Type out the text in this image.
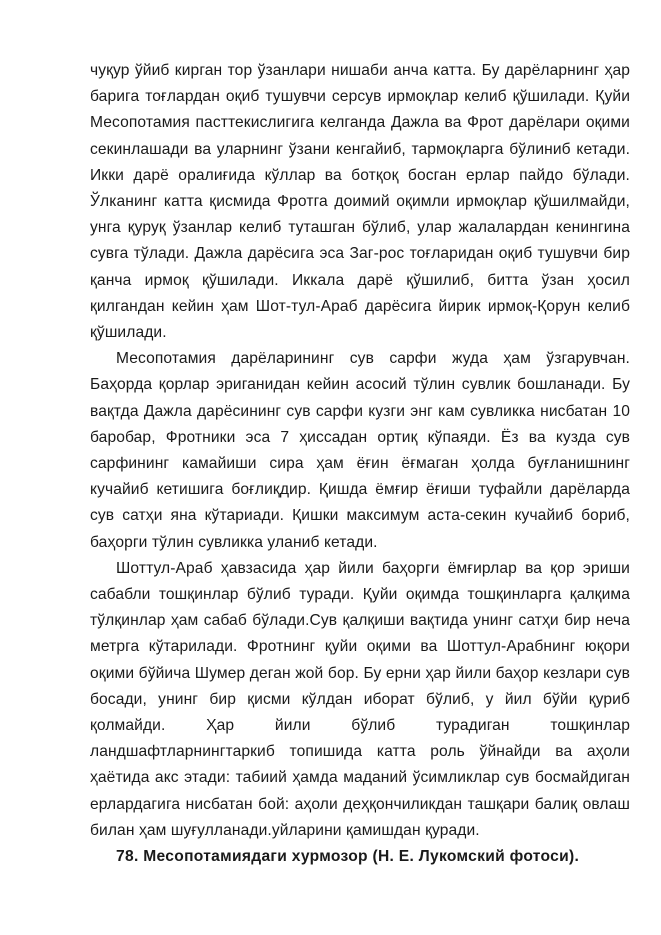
чуқур ўйиб кирган тор ўзанлари нишаби анча катта. Бу дарёларнинг ҳар барига тоғлардан оқиб тушувчи серсув ирмоқлар келиб қўшилади. Қуйи Месопотамия пасттекислигига келганда Дажла ва Фрот дарёлари оқими секинлашади ва уларнинг ўзани кенгайиб, тармоқларга бўлиниб кетади. Икки дарё оралиғида кўллар ва ботқоқ босган ерлар пайдо бўлади. Ўлканинг катта қисмида Фротга доимий оқимли ирмоқлар қўшилмайди, унга қуруқ ўзанлар келиб туташган бўлиб, улар жалалардан кенингина сувга тўлади. Дажла дарёсига эса Заг-рос тоғларидан оқиб тушувчи бир қанча ирмоқ қўшилади. Иккала дарё қўшилиб, битта ўзан ҳосил қилгандан кейин ҳам Шот-тул-Араб дарёсига йирик ирмоқ-Қорун келиб қўшилади.

Месопотамия дарёларининг сув сарфи жуда ҳам ўзгарувчан. Баҳорда қорлар эриганидан кейин асосий тўлин сувлик бошланади. Бу вақтда Дажла дарёсининг сув сарфи кузги энг кам сувликка нисбатан 10 баробар, Фротники эса 7 ҳиссадан ортиқ кўпаяди. Ёз ва кузда сув сарфининг камайиши сира ҳам ёғин ёғмаган ҳолда буғланишнинг кучайиб кетишига боғлиқдир. Қишда ёмғир ёғиши туфайли дарёларда сув сатҳи яна кўтариади. Қишки максимум аста-секин кучайиб бориб, баҳорги тўлин сувликка уланиб кетади.

Шоттул-Араб ҳавзасида ҳар йили баҳорги ёмғирлар ва қор эриши сабабли тошқинлар бўлиб туради. Қуйи оқимда тошқинларга қалқима тўлқинлар ҳам сабаб бўлади.Сув қалқиши вақтида унинг сатҳи бир неча метрга кўтарилади. Фротнинг қуйи оқими ва Шоттул-Арабнинг юқори оқими бўйича Шумер деган жой бор. Бу ерни ҳар йили баҳор кезлари сув босади, унинг бир қисми кўлдан иборат бўлиб, у йил бўйи қуриб қолмайди. Ҳар йили бўлиб турадиган тошқинлар ландшафтларнингтаркиб топишида катта роль ўйнайди ва аҳоли ҳаётида акс этади: табиий ҳамда маданий ўсимликлар сув босмайдиган ерлардагига нисбатан бой: аҳоли деҳқончиликдан ташқари балиқ овлаш билан ҳам шуғулланади.уйларини қамишдан қуради.

78. Месопотамиядаги хурмозор (Н. Е. Лукомский фотоси).
